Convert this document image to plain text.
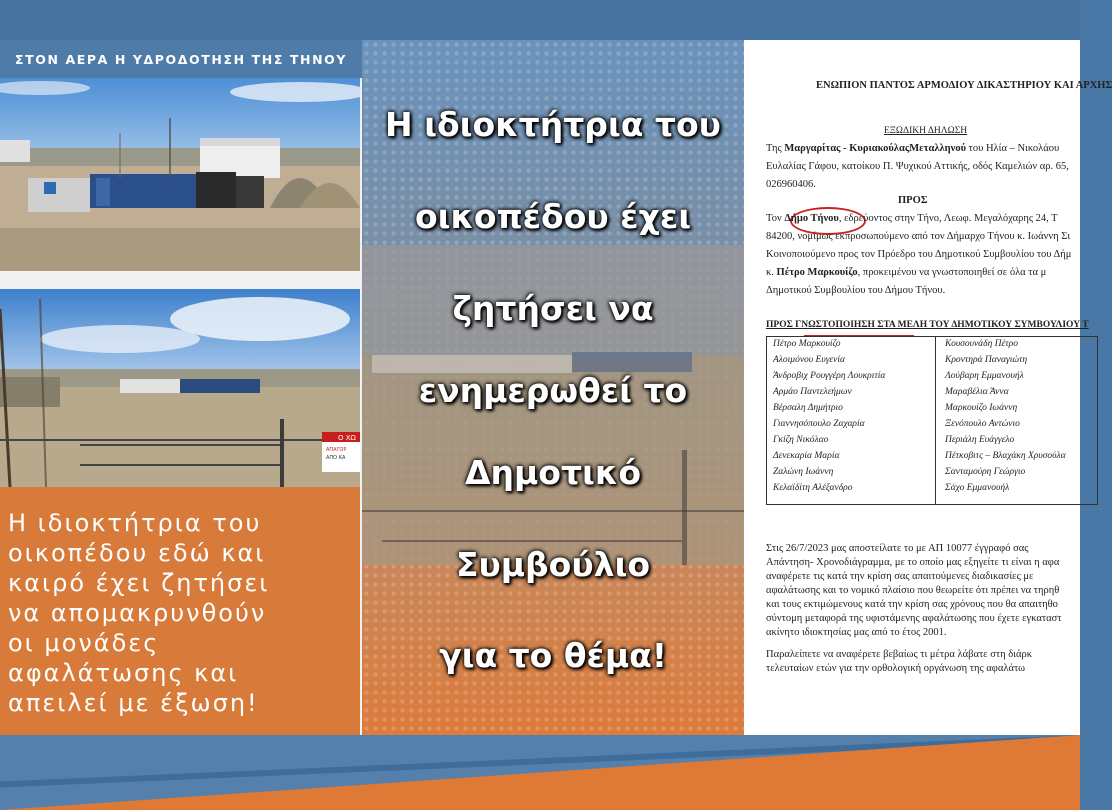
ΣΤΟΝ ΑΕΡΑ Η ΥΔΡΟΔΟΤΗΣΗ ΤΗΣ ΤΗΝΟΥ
Ο ΧΩ
ΑΠΑΓΟΡ
ΑΠΟ ΚΑ
Η ιδιοκτήτρια του
οικοπέδου εδώ και
καιρό έχει ζητήσει
να απομακρυνθούν
οι μονάδες
αφαλάτωσης και
απειλεί με έξωση!
Η ιδιοκτήτρια του
οικοπέδου έχει
ζητήσει να
ενημερωθεί το
Δημοτικό
Συμβούλιο
για το θέμα!
ΕΝΩΠΙΟΝ ΠΑΝΤΟΣ ΑΡΜΟΔΙΟΥ ΔΙΚΑΣΤΗΡΙΟΥ ΚΑΙ ΑΡΧΗΣ
ΕΞΩΔΙΚΗ ΔΗΛΩΣΗ
Της Μαργαρίτας - ΚυριακούλαςΜεταλληνού του Ηλία – Νικολάου
Ευλαλίας Γάφου, κατοίκου Π. Ψυχικού Αττικής, οδός Καμελιών αρ. 65,
026960406.
ΠΡΟΣ
Τον Δήμο Τήνου, εδρεύοντος στην Τήνο, Λεωφ. Μεγαλόχαρης 24, Τ
84200, νομίμως εκπροσωπούμενο από τον Δήμαρχο Τήνου κ. Ιωάννη Σι
Κοινοποιούμενο προς τον Πρόεδρο του Δημοτικού Συμβουλίου του Δήμ
κ. Πέτρο Μαρκουίζο, προκειμένου να γνωστοποιηθεί σε όλα τα μ
Δημοτικού Συμβουλίου του Δήμου Τήνου.
ΠΡΟΣ ΓΝΩΣΤΟΠΟΙΗΣΗ ΣΤΑ ΜΕΛΗ ΤΟΥ ΔΗΜΟΤΙΚΟΥ ΣΥΜΒΟΥΛΙΟΥ Τ
Πέτρο Μαρκουίζο
Αλοιμόνου Ευγενία
Άνδροβιχ Ρουγγέρη Λουκριτία
Αρμάο Παντελεήμων
Βέρσαλη Δημήτριο
Γιαννησόπουλο Ζαχαρία
Γκίζη Νικόλαο
Δενεκαρία Μαρία
Ζαλώνη Ιωάννη
Κελαϊδίτη Αλέξανδρο
Κουσουνάδη Πέτρο
Κροντηρά Παναγιώτη
Λούβαρη Εμμανουήλ
Μαραβέλια Άννα
Μαρκουίζο Ιωάννη
Ξενόπουλο Αντώνιο
Περιάλη Ευάγγελο
Πέτκοβιτς – Βλαχάκη Χρυσούλα
Σανταμούρη Γεώργιο
Σάχο Εμμανουήλ
Στις 26/7/2023 μας αποστείλατε το με ΑΠ 10077 έγγραφό σας
Απάντηση- Χρονοδιάγραμμα, με το οποίο μας εξηγείτε τι είναι η αφα
αναφέρετε τις κατά την κρίση σας απαιτούμενες διαδικασίες με
αφαλάτωσης και το νομικό πλαίσιο που θεωρείτε ότι πρέπει να τηρηθ
και τους εκτιμώμενους κατά την κρίση σας χρόνους που θα απαιτηθο
σύντομη μεταφορά της υφιστάμενης αφαλάτωσης που έχετε εγκαταστ
ακίνητο ιδιοκτησίας μας από το έτος 2001.
Παραλείπετε να αναφέρετε βεβαίως τι μέτρα λάβατε στη διάρκ
τελευταίων ετών για την ορθολογική οργάνωση της αφαλάτω
